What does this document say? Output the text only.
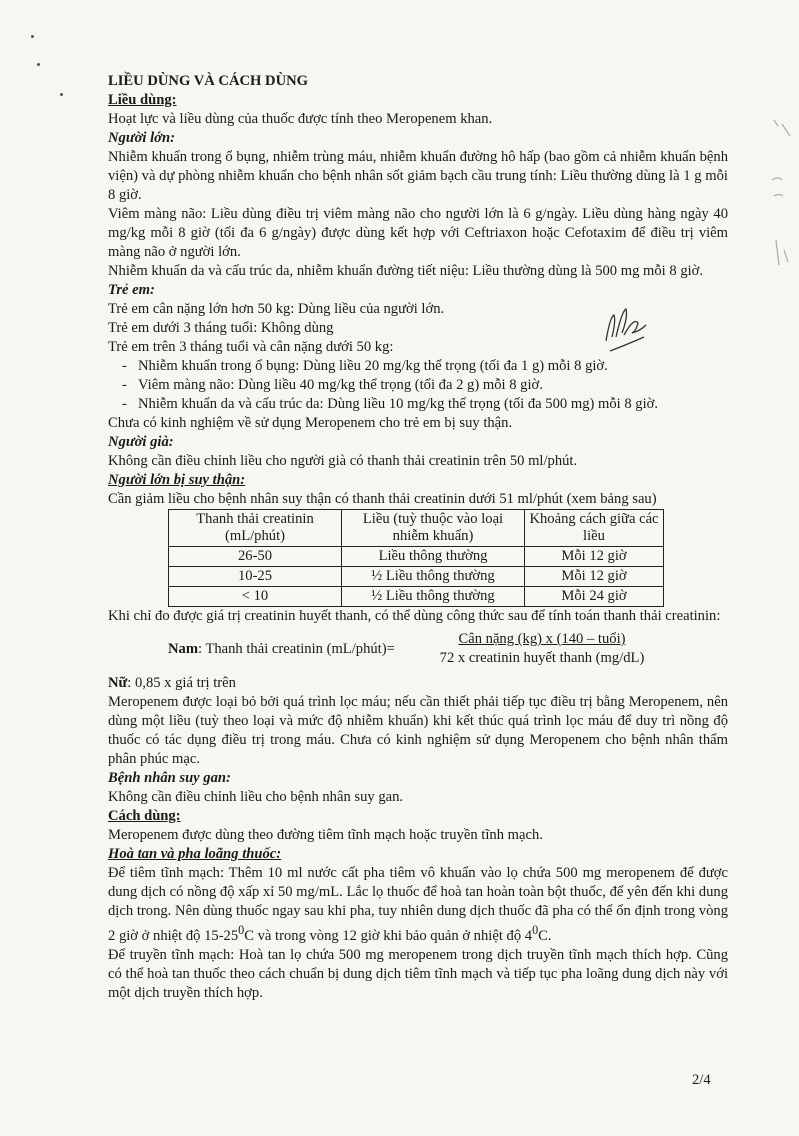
LIỀU DÙNG VÀ CÁCH DÙNG

Liều dùng:

Hoạt lực và liều dùng của thuốc được tính theo Meropenem khan.

Người lớn:

Nhiễm khuẩn trong ổ bụng, nhiễm trùng máu, nhiễm khuẩn đường hô hấp (bao gồm cả nhiễm khuẩn bệnh viện) và dự phòng nhiễm khuẩn cho bệnh nhân sốt giảm bạch cầu trung tính: Liều thường dùng là 1 g mỗi 8 giờ.

Viêm màng não: Liều dùng điều trị viêm màng não cho người lớn là 6 g/ngày. Liều dùng hàng ngày 40 mg/kg mỗi 8 giờ (tối đa 6 g/ngày) được dùng kết hợp với Ceftriaxon hoặc Cefotaxim để điều trị viêm màng não ở người lớn.

Nhiễm khuẩn da và cấu trúc da, nhiễm khuẩn đường tiết niệu: Liều thường dùng là 500 mg mỗi 8 giờ.

Trẻ em:

Trẻ em cân nặng lớn hơn 50 kg: Dùng liều của người lớn.

Trẻ em dưới 3 tháng tuổi: Không dùng

Trẻ em trên 3 tháng tuổi và cân nặng dưới 50 kg:

- Nhiễm khuẩn trong ổ bụng: Dùng liều 20 mg/kg thể trọng (tối đa 1 g) mỗi 8 giờ.
- Viêm màng não: Dùng liều 40 mg/kg thể trọng (tối đa 2 g) mỗi 8 giờ.
- Nhiễm khuẩn da và cấu trúc da: Dùng liều 10 mg/kg thể trọng (tối đa 500 mg) mỗi 8 giờ.

Chưa có kinh nghiệm về sử dụng Meropenem cho trẻ em bị suy thận.

Người già:

Không cần điều chỉnh liều cho người già có thanh thải creatinin trên 50 ml/phút.

Người lớn bị suy thận:

Cần giảm liều cho bệnh nhân suy thận có thanh thải creatinin dưới 51 ml/phút (xem bảng sau)

Thanh thải creatinin (mL/phút)	Liều (tuỳ thuộc vào loại nhiễm khuẩn)	Khoảng cách giữa các liều
26-50	Liều thông thường	Mỗi 12 giờ
10-25	½ Liều thông thường	Mỗi 12 giờ
< 10	½ Liều thông thường	Mỗi 24 giờ

Khi chỉ đo được giá trị creatinin huyết thanh, có thể dùng công thức sau để tính toán thanh thải creatinin:

Nam: Thanh thải creatinin (mL/phút)=
Cân nặng (kg) x (140 – tuổi)
72 x creatinin huyết thanh (mg/dL)

Nữ: 0,85 x giá trị trên

Meropenem được loại bỏ bởi quá trình lọc máu; nếu cần thiết phải tiếp tục điều trị bằng Meropenem, nên dùng một liều (tuỳ theo loại và mức độ nhiễm khuẩn) khi kết thúc quá trình lọc máu để duy trì nồng độ thuốc có tác dụng điều trị trong máu. Chưa có kinh nghiệm sử dụng Meropenem cho bệnh nhân thẩm phân phúc mạc.

Bệnh nhân suy gan:

Không cần điều chỉnh liều cho bệnh nhân suy gan.

Cách dùng:

Meropenem được dùng theo đường tiêm tĩnh mạch hoặc truyền tĩnh mạch.

Hoà tan và pha loãng thuốc:

Để tiêm tĩnh mạch: Thêm 10 ml nước cất pha tiêm vô khuẩn vào lọ chứa 500 mg meropenem để được dung dịch có nồng độ xấp xỉ 50 mg/mL. Lắc lọ thuốc để hoà tan hoàn toàn bột thuốc, để yên đến khi dung dịch trong. Nên dùng thuốc ngay sau khi pha, tuy nhiên dung dịch thuốc đã pha có thể ổn định trong vòng 2 giờ ở nhiệt độ $15-25^0C$ và trong vòng 12 giờ khi bảo quản ở nhiệt độ $4^0C$.

Để truyền tĩnh mạch: Hoà tan lọ chứa 500 mg meropenem trong dịch truyền tĩnh mạch thích hợp. Cũng có thể hoà tan thuốc theo cách chuẩn bị dung dịch tiêm tĩnh mạch và tiếp tục pha loãng dung dịch này với một dịch truyền thích hợp.

2/4
